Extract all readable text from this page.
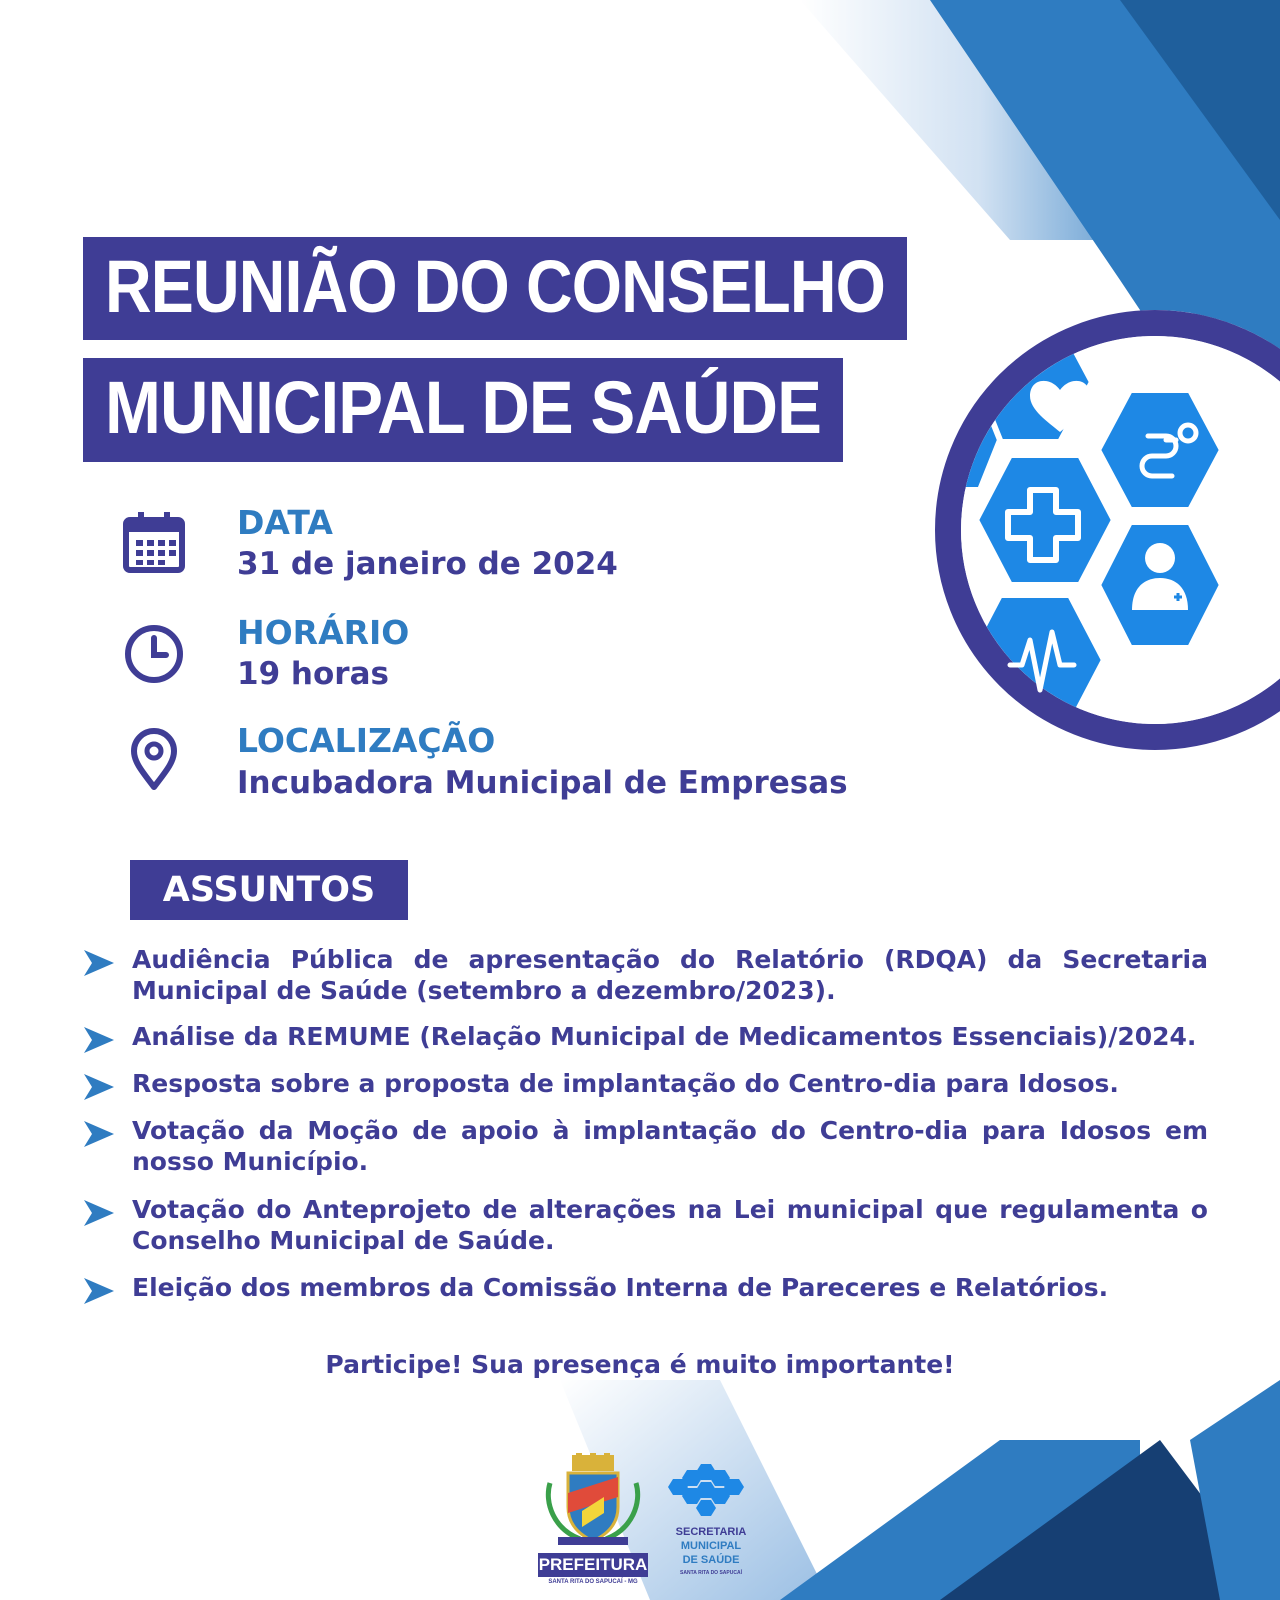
REUNIÃO DO CONSELHO
MUNICIPAL DE SAÚDE
DATA
31 de janeiro de 2024
HORÁRIO
19 horas
LOCALIZAÇÃO
Incubadora Municipal de Empresas
ASSUNTOS
Audiência Pública de apresentação do Relatório (RDQA) da Secretaria Municipal de Saúde (setembro a dezembro/2023).
Análise da REMUME (Relação Municipal de Medicamentos Essenciais)/2024.
Resposta sobre a proposta de implantação do Centro-dia para Idosos.
Votação da Moção de apoio à implantação do Centro-dia para Idosos em nosso Município.
Votação do Anteprojeto de alterações na Lei municipal que regulamenta o Conselho Municipal de Saúde.
Eleição dos membros da Comissão Interna de Pareceres e Relatórios.
Participe! Sua presença é muito importante!
PREFEITURA
SANTA RITA DO SAPUCAÍ - MG
SECRETARIA
MUNICIPAL
DE SAÚDE
SANTA RITA DO SAPUCAÍ
